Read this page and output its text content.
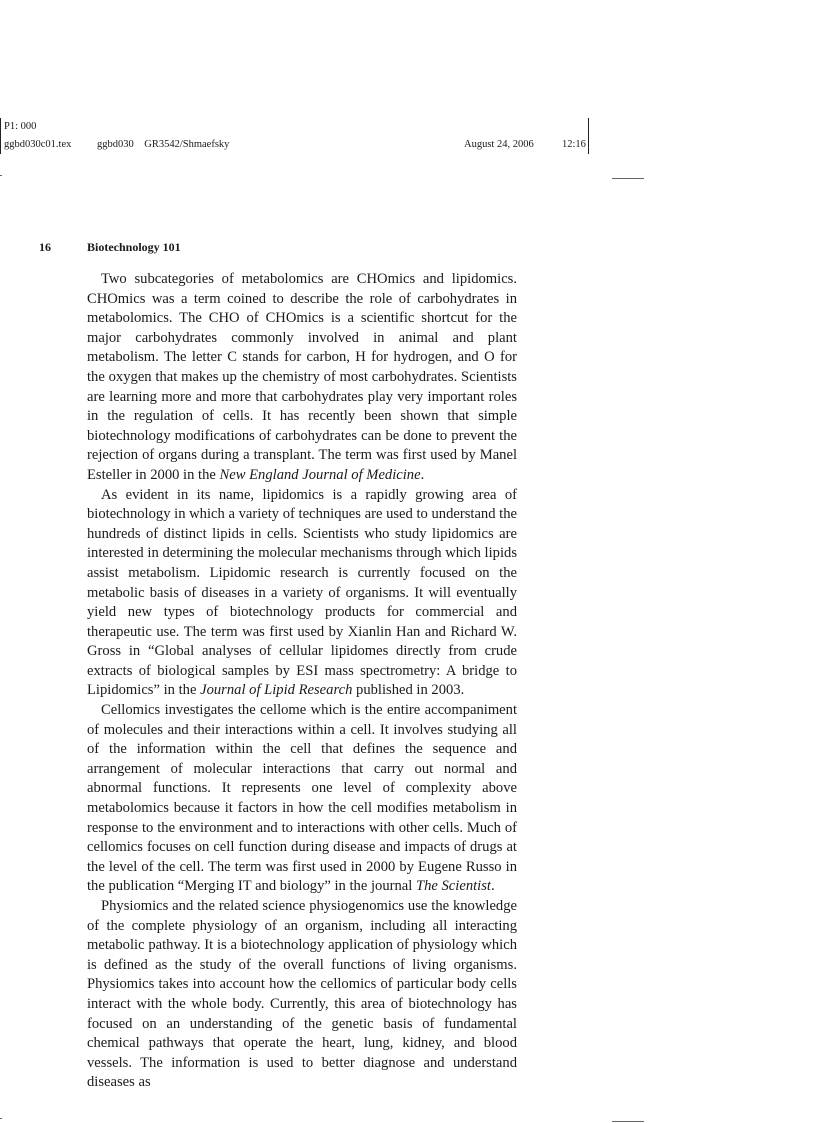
P1: 000
ggbd030c01.tex ggbd030 GR3542/Shmaefsky	August 24, 2006	12:16
16	Biotechnology 101

Two subcategories of metabolomics are CHOmics and lipidomics. CHOmics was a term coined to describe the role of carbohydrates in metabolomics. The CHO of CHOmics is a scientific shortcut for the major carbohydrates commonly involved in animal and plant metabolism. The letter C stands for carbon, H for hydrogen, and O for the oxygen that makes up the chemistry of most carbohydrates. Scientists are learning more and more that carbohydrates play very important roles in the regulation of cells. It has recently been shown that simple biotechnology modifications of carbohydrates can be done to prevent the rejection of organs during a transplant. The term was first used by Manel Esteller in 2000 in the New England Journal of Medicine.

As evident in its name, lipidomics is a rapidly growing area of biotechnology in which a variety of techniques are used to understand the hundreds of distinct lipids in cells. Scientists who study lipidomics are interested in determining the molecular mechanisms through which lipids assist metabolism. Lipidomic research is currently focused on the metabolic basis of diseases in a variety of organisms. It will eventually yield new types of biotechnology products for commercial and therapeutic use. The term was first used by Xianlin Han and Richard W. Gross in “Global analyses of cellular lipidomes directly from crude extracts of biological samples by ESI mass spectrometry: A bridge to Lipidomics” in the Journal of Lipid Research published in 2003.

Cellomics investigates the cellome which is the entire accompaniment of molecules and their interactions within a cell. It involves studying all of the information within the cell that defines the sequence and arrangement of molecular interactions that carry out normal and abnormal functions. It represents one level of complexity above metabolomics because it factors in how the cell modifies metabolism in response to the environment and to interactions with other cells. Much of cellomics focuses on cell function during disease and impacts of drugs at the level of the cell. The term was first used in 2000 by Eugene Russo in the publication “Merging IT and biology” in the journal The Scientist.

Physiomics and the related science physiogenomics use the knowledge of the complete physiology of an organism, including all interacting metabolic pathway. It is a biotechnology application of physiology which is defined as the study of the overall functions of living organisms. Physiomics takes into account how the cellomics of particular body cells interact with the whole body. Currently, this area of biotechnology has focused on an understanding of the genetic basis of fundamental chemical pathways that operate the heart, lung, kidney, and blood vessels. The information is used to better diagnose and understand diseases as
